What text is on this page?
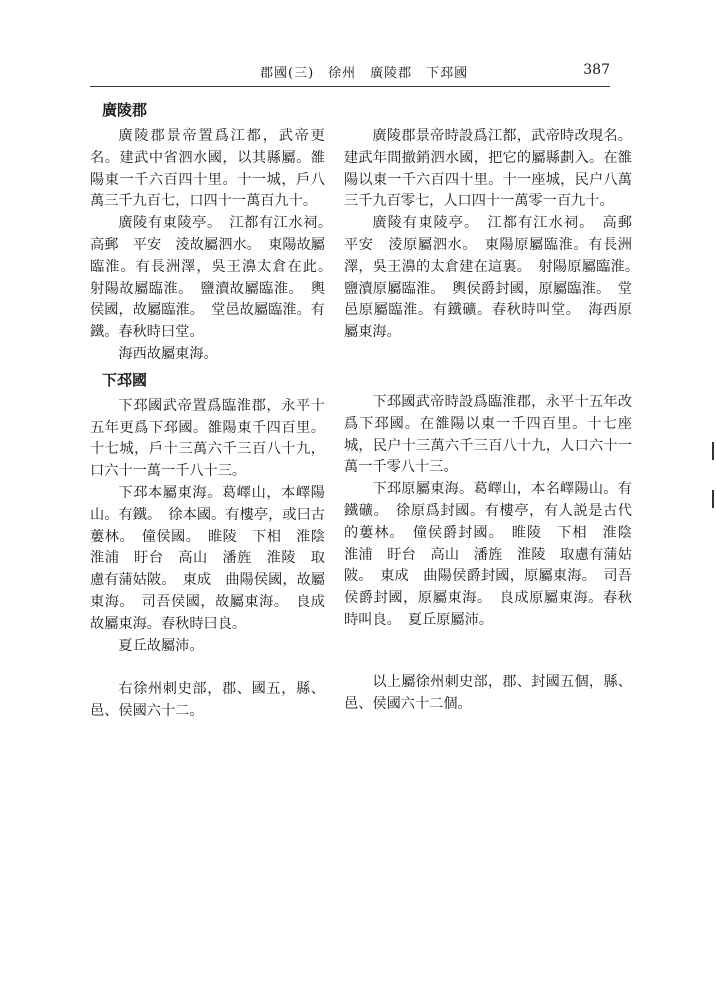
郡國(三)　徐州　廣陵郡　下邳國	387
廣陵郡

廣陵郡景帝置爲江都，武帝更名。建武中省泗水國，以其縣屬。雒陽東一千六百四十里。十一城，戶八萬三千九百七，口四十一萬百九十。

廣陵有東陵亭。　江都有江水祠。　高郵　平安　淩故屬泗水。　東陽故屬臨淮。有長洲澤，吳王濞太倉在此。　射陽故屬臨淮。　鹽瀆故屬臨淮。　輿侯國，故屬臨淮。　堂邑故屬臨淮。有鐵。春秋時曰堂。

海西故屬東海。

下邳國

下邳國武帝置爲臨淮郡，永平十五年更爲下邳國。雒陽東千四百里。十七城，戶十三萬六千三百八十九，口六十一萬一千八十三。

下邳本屬東海。葛嶧山，本嶧陽山。有鐵。　徐本國。有樓亭，或曰古蔞林。　僮侯國。　睢陵　下相　淮陰　淮浦　盱台　高山　潘旌　淮陵　取慮有蒲姑陂。　東成　曲陽侯國，故屬東海。　司吾侯國，故屬東海。　良成故屬東海。春秋時曰良。

夏丘故屬沛。

右徐州刺史部，郡、國五，縣、邑、侯國六十二。

廣陵郡景帝時設爲江都，武帝時改現名。建武年間撤銷泗水國，把它的屬縣劃入。在雒陽以東一千六百四十里。十一座城，民户八萬三千九百零七，人口四十一萬零一百九十。

廣陵有東陵亭。　江都有江水祠。　高郵　平安　淩原屬泗水。　東陽原屬臨淮。有長洲澤，吳王濞的太倉建在這裏。　射陽原屬臨淮。　鹽瀆原屬臨淮。　輿侯爵封國，原屬臨淮。　堂邑原屬臨淮。有鐵礦。春秋時叫堂。　海西原屬東海。

下邳國武帝時設爲臨淮郡，永平十五年改爲下邳國。在雒陽以東一千四百里。十七座城，民户十三萬六千三百八十九，人口六十一萬一千零八十三。

下邳原屬東海。葛嶧山，本名嶧陽山。有鐵礦。　徐原爲封國。有樓亭，有人説是古代的蔞林。　僮侯爵封國。　睢陵　下相　淮陰　淮浦　盱台　高山　潘旌　淮陵　取慮有蒲姑陂。　東成　曲陽侯爵封國，原屬東海。　司吾侯爵封國，原屬東海。　良成原屬東海。春秋時叫良。　夏丘原屬沛。

以上屬徐州刺史部，郡、封國五個，縣、邑、侯國六十二個。
